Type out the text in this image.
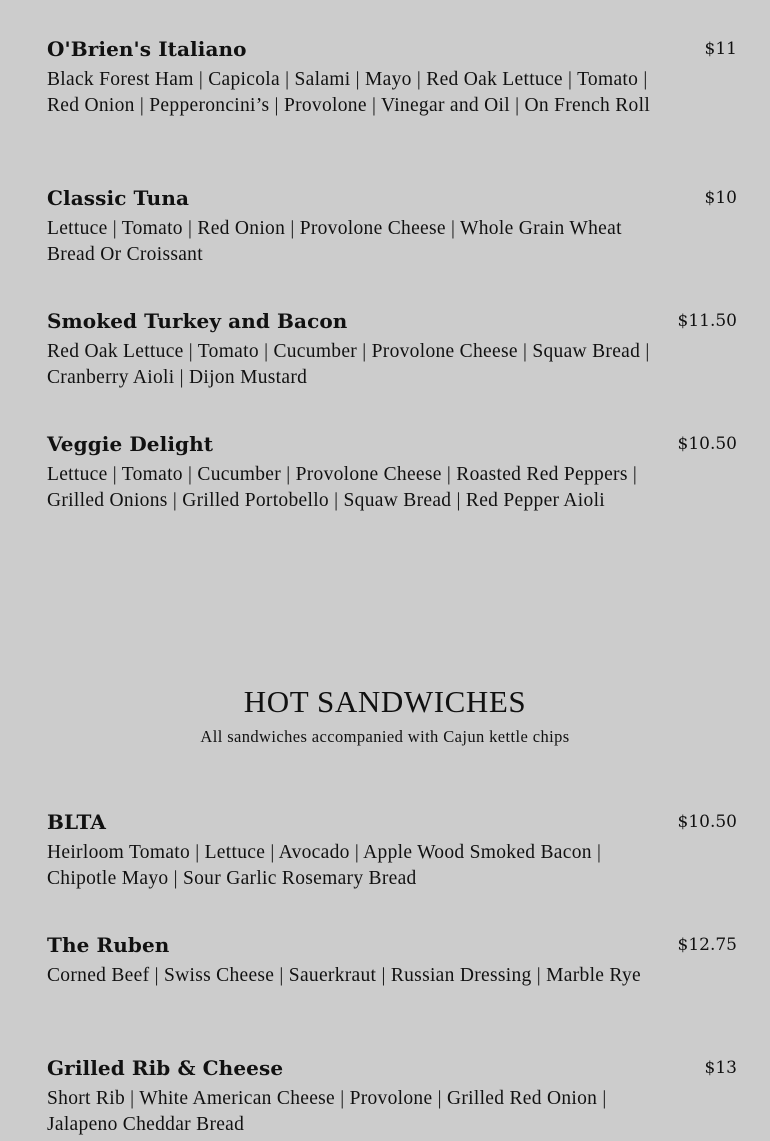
O'Brien's Italiano	$11
Black Forest Ham | Capicola | Salami | Mayo | Red Oak Lettuce | Tomato | Red Onion | Pepperoncini’s | Provolone | Vinegar and Oil | On French Roll
Classic Tuna	$10
Lettuce | Tomato | Red Onion | Provolone Cheese | Whole Grain Wheat Bread Or Croissant
Smoked Turkey and Bacon	$11.50
Red Oak Lettuce | Tomato | Cucumber | Provolone Cheese | Squaw Bread | Cranberry Aioli | Dijon Mustard
Veggie Delight	$10.50
Lettuce | Tomato | Cucumber | Provolone Cheese | Roasted Red Peppers | Grilled Onions | Grilled Portobello | Squaw Bread | Red Pepper Aioli
HOT SANDWICHES
All sandwiches accompanied with Cajun kettle chips
BLTA	$10.50
Heirloom Tomato | Lettuce | Avocado | Apple Wood Smoked Bacon | Chipotle Mayo | Sour Garlic Rosemary Bread
The Ruben	$12.75
Corned Beef | Swiss Cheese | Sauerkraut | Russian Dressing | Marble Rye
Grilled Rib & Cheese	$13
Short Rib | White American Cheese | Provolone | Grilled Red Onion | Jalapeno Cheddar Bread
